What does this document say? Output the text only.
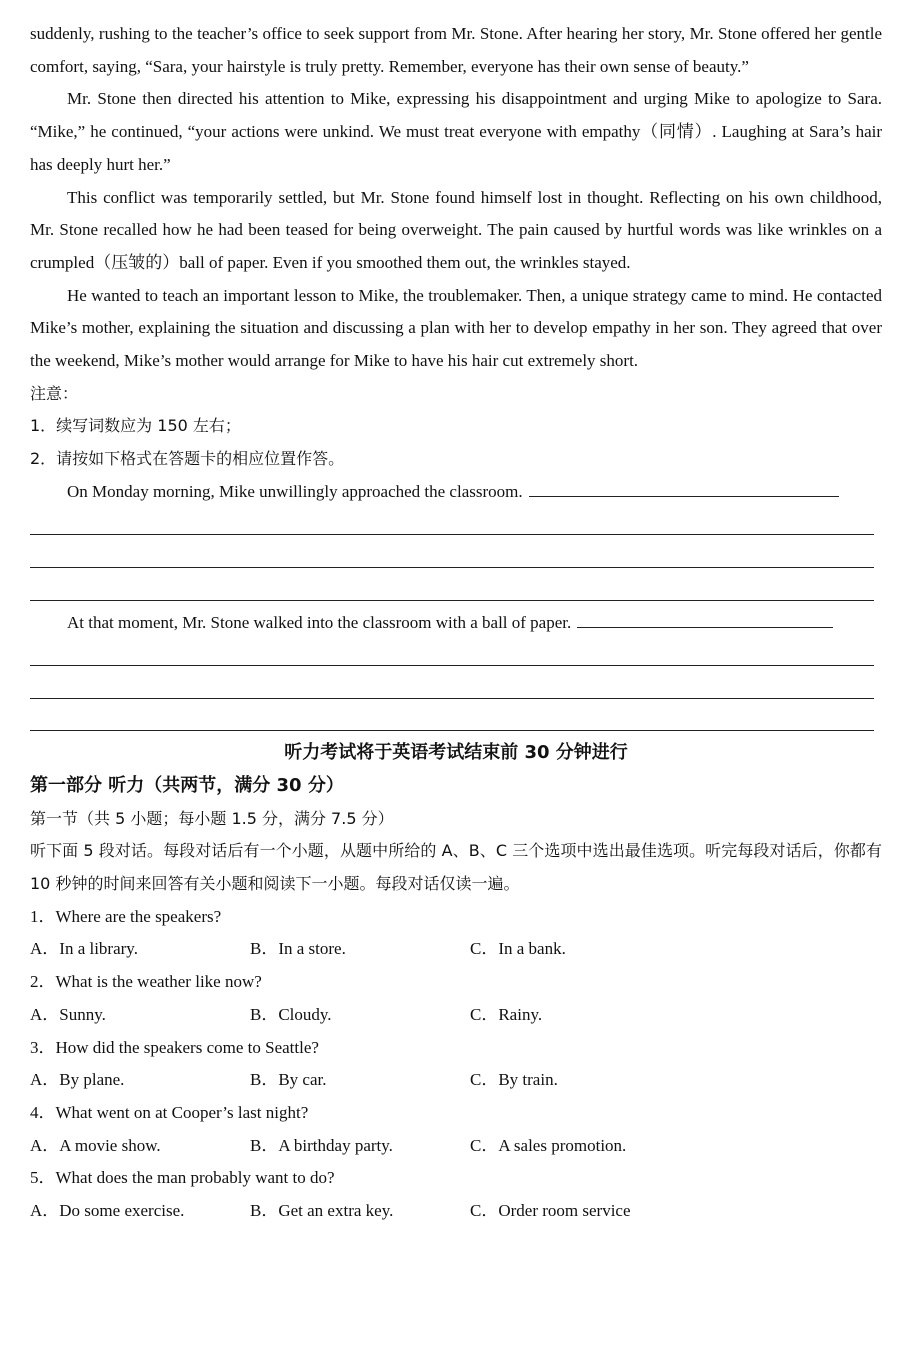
suddenly, rushing to the teacher’s office to seek support from Mr. Stone. After hearing her story, Mr. Stone offered her gentle comfort, saying, “Sara, your hairstyle is truly pretty. Remember, everyone has their own sense of beauty.”

Mr. Stone then directed his attention to Mike, expressing his disappointment and urging Mike to apologize to Sara. “Mike,” he continued, “your actions were unkind. We must treat everyone with empathy（同情）. Laughing at Sara’s hair has deeply hurt her.”

This conflict was temporarily settled, but Mr. Stone found himself lost in thought. Reflecting on his own childhood, Mr. Stone recalled how he had been teased for being overweight. The pain caused by hurtful words was like wrinkles on a crumpled（压皱的）ball of paper. Even if you smoothed them out, the wrinkles stayed.

He wanted to teach an important lesson to Mike, the troublemaker. Then, a unique strategy came to mind. He contacted Mike’s mother, explaining the situation and discussing a plan with her to develop empathy in her son. They agreed that over the weekend, Mike’s mother would arrange for Mike to have his hair cut extremely short.

注意：
1．续写词数应为 150 左右；
2．请按如下格式在答题卡的相应位置作答。
On Monday morning, Mike unwillingly approached the classroom.
At that moment, Mr. Stone walked into the classroom with a ball of paper.
听力考试将于英语考试结束前 30 分钟进行
第一部分 听力（共两节，满分 30 分）
第一节（共 5 小题；每小题 1.5 分，满分 7.5 分）

听下面 5 段对话。每段对话后有一个小题，从题中所给的 A、B、C 三个选项中选出最佳选项。听完每段对话后，你都有 10 秒钟的时间来回答有关小题和阅读下一小题。每段对话仅读一遍。

1．Where are the speakers?
A．In a library.	B．In a store.	C．In a bank.
2．What is the weather like now?
A．Sunny.	B．Cloudy.	C．Rainy.
3．How did the speakers come to Seattle?
A．By plane.	B．By car.	C．By train.
4．What went on at Cooper’s last night?
A．A movie show.	B．A birthday party.	C．A sales promotion.
5．What does the man probably want to do?
A．Do some exercise.	B．Get an extra key.	C．Order room service
